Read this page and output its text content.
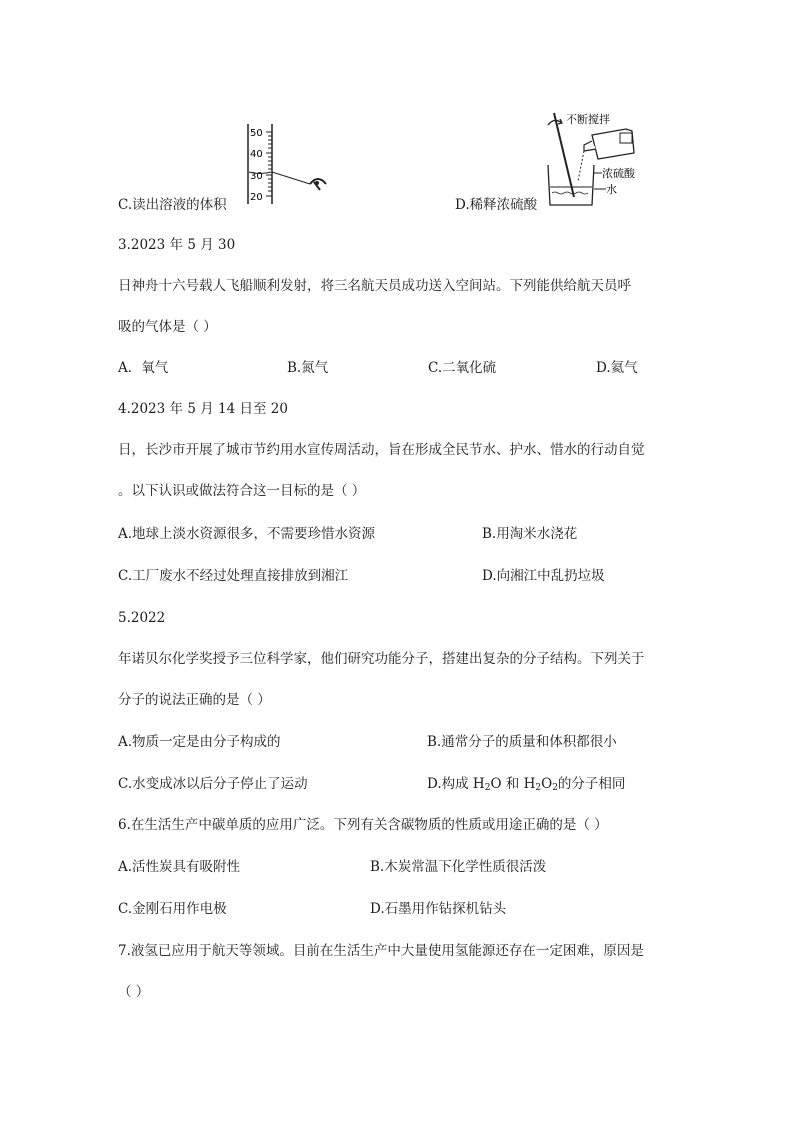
50
40
30
20
C.读出溶液的体积
不断搅拌
浓硫酸
水
D.稀释浓硫酸
3.2023 年 5 月 30
日神舟十六号载人飞船顺利发射，将三名航天员成功送入空间站。下列能供给航天员呼
吸的气体是（ ）
A．氧气	B.氮气	C.二氧化硫	D.氦气
4.2023 年 5 月 14 日至 20
日，长沙市开展了城市节约用水宣传周活动，旨在形成全民节水、护水、惜水的行动自觉
。以下认识或做法符合这一目标的是（ ）
A.地球上淡水资源很多，不需要珍惜水资源	B.用淘米水浇花
C.工厂废水不经过处理直接排放到湘江	D.向湘江中乱扔垃圾
5.2022
年诺贝尔化学奖授予三位科学家，他们研究功能分子，搭建出复杂的分子结构。下列关于
分子的说法正确的是（ ）
A.物质一定是由分子构成的	B.通常分子的质量和体积都很小
C.水变成冰以后分子停止了运动	D.构成 $H_2O$ 和 $H_2O_2$的分子相同
6.在生活生产中碳单质的应用广泛。下列有关含碳物质的性质或用途正确的是（ ）
A.活性炭具有吸附性	B.木炭常温下化学性质很活泼
C.金刚石用作电极	D.石墨用作钻探机钻头
7.液氢已应用于航天等领域。目前在生活生产中大量使用氢能源还存在一定困难，原因是
（ ）
